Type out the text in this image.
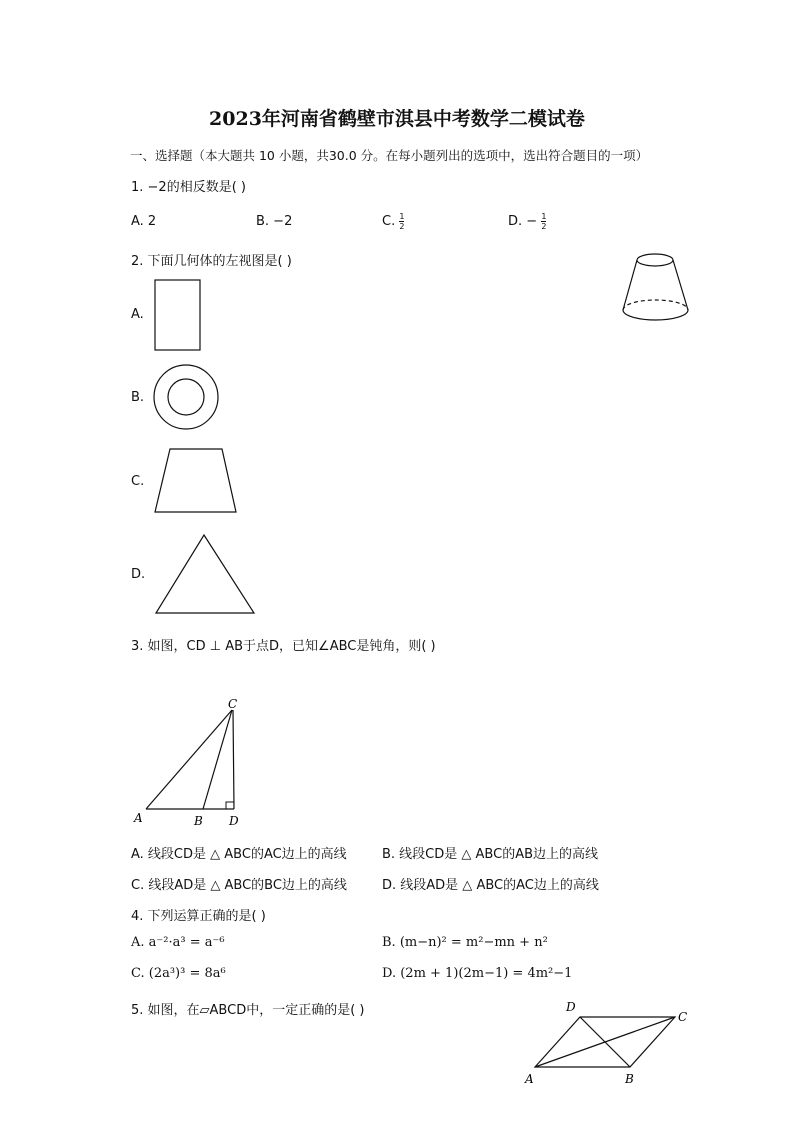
2023年河南省鹤壁市淇县中考数学二模试卷
一、选择题（本大题共 10 小题，共30.0 分。在每小题列出的选项中，选出符合题目的一项）
1. −2的相反数是( )
A. 2	B. −2	C. $\frac{1}{2}$	D. − $\frac{1}{2}$
2. 下面几何体的左视图是( )
A.
B.
C.
D.
3. 如图，CD ⊥ AB于点D，已知∠ABC是钝角，则( )
C
A	B D
A. 线段CD是 △ ABC的AC边上的高线	B. 线段CD是 △ ABC的AB边上的高线
C. 线段AD是 △ ABC的BC边上的高线	D. 线段AD是 △ ABC的AC边上的高线
4. 下列运算正确的是( )
A. a⁻²·a³ = a⁻⁶	B. (m−n)² = m²−mn + n²
C. (2a³)³ = 8a⁶	D. (2m + 1)(2m−1) = 4m²−1
5. 如图，在▱ABCD中，一定正确的是( )	D
C
A	B
